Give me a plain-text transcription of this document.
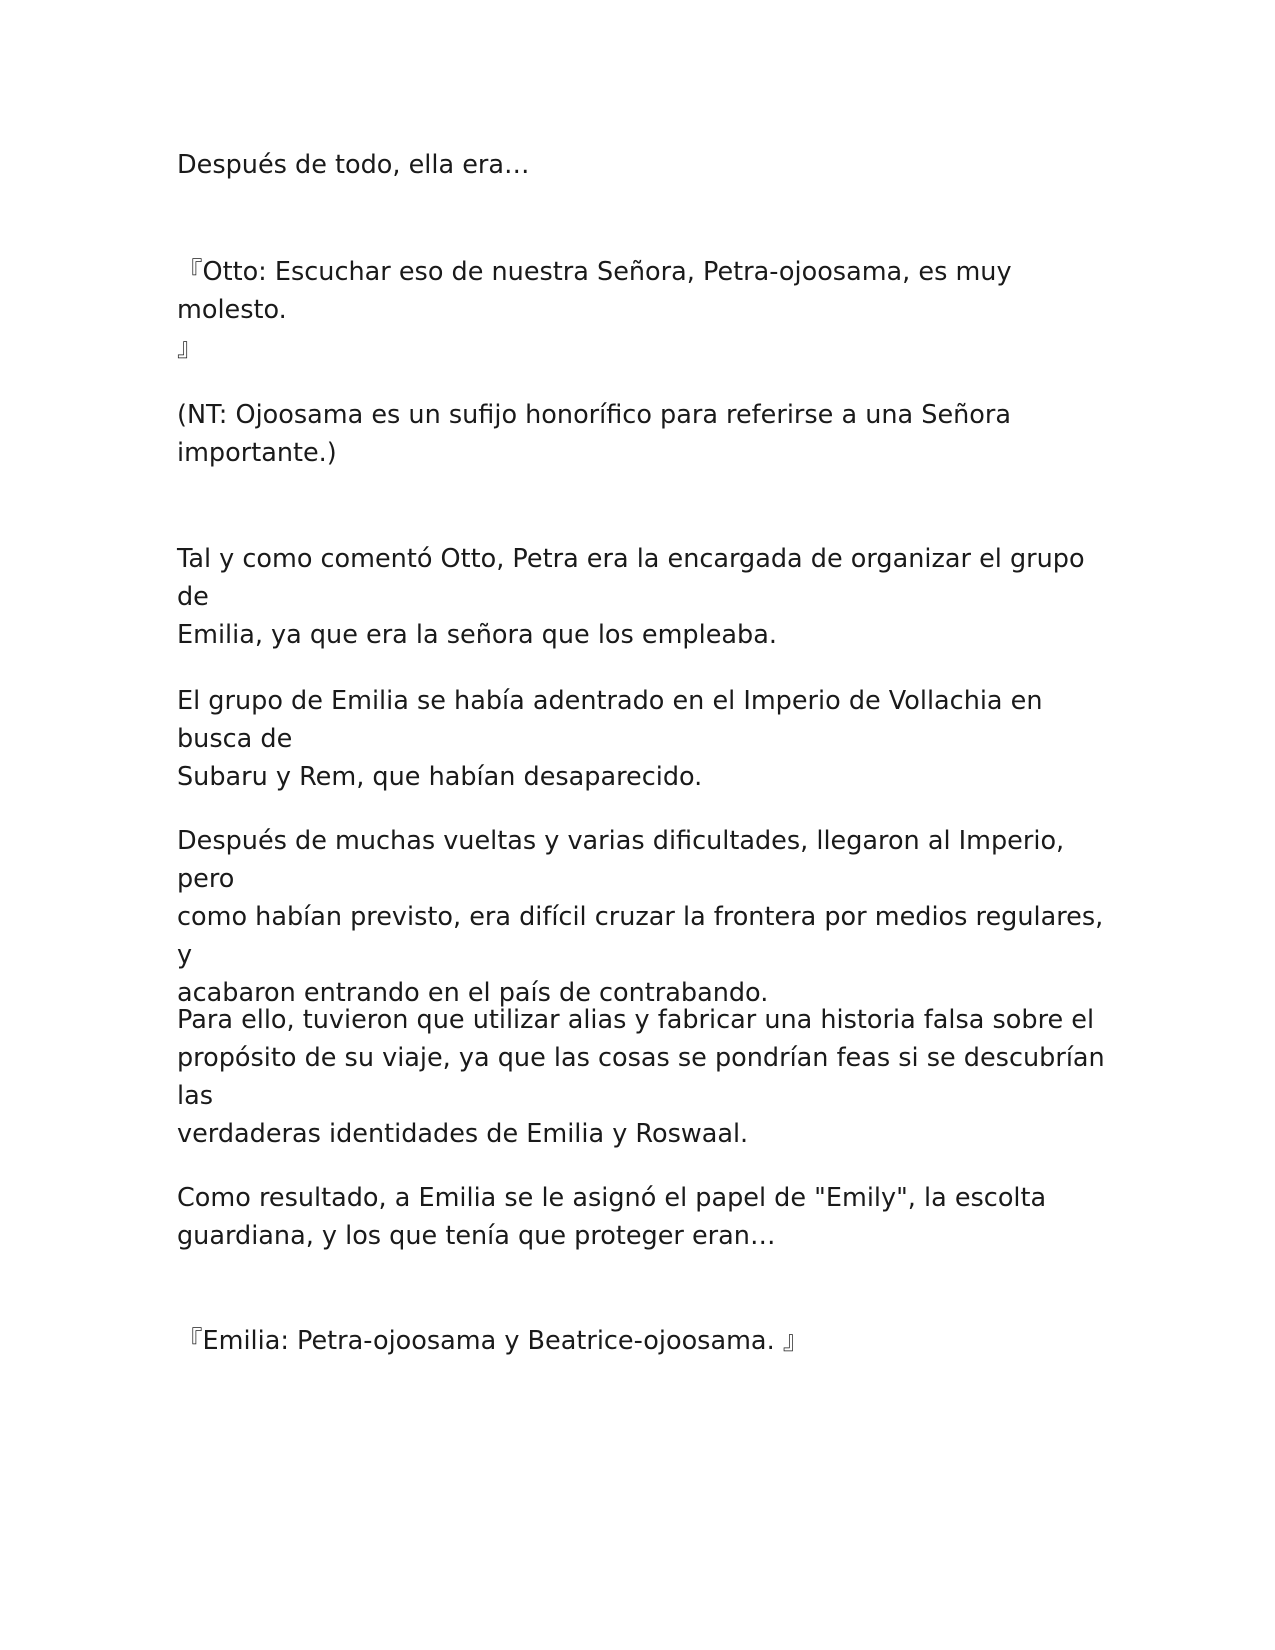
Después de todo, ella era…

『Otto: Escuchar eso de nuestra Señora, Petra-ojoosama, es muy molesto.
』

(NT: Ojoosama es un sufijo honorífico para referirse a una Señora
importante.)

Tal y como comentó Otto, Petra era la encargada de organizar el grupo de
Emilia, ya que era la señora que los empleaba.

El grupo de Emilia se había adentrado en el Imperio de Vollachia en busca de
Subaru y Rem, que habían desaparecido.

Después de muchas vueltas y varias dificultades, llegaron al Imperio, pero
como habían previsto, era difícil cruzar la frontera por medios regulares, y
acabaron entrando en el país de contrabando.

Para ello, tuvieron que utilizar alias y fabricar una historia falsa sobre el
propósito de su viaje, ya que las cosas se pondrían feas si se descubrían las
verdaderas identidades de Emilia y Roswaal.

Como resultado, a Emilia se le asignó el papel de "Emily", la escolta
guardiana, y los que tenía que proteger eran…

『Emilia: Petra-ojoosama y Beatrice-ojoosama. 』
